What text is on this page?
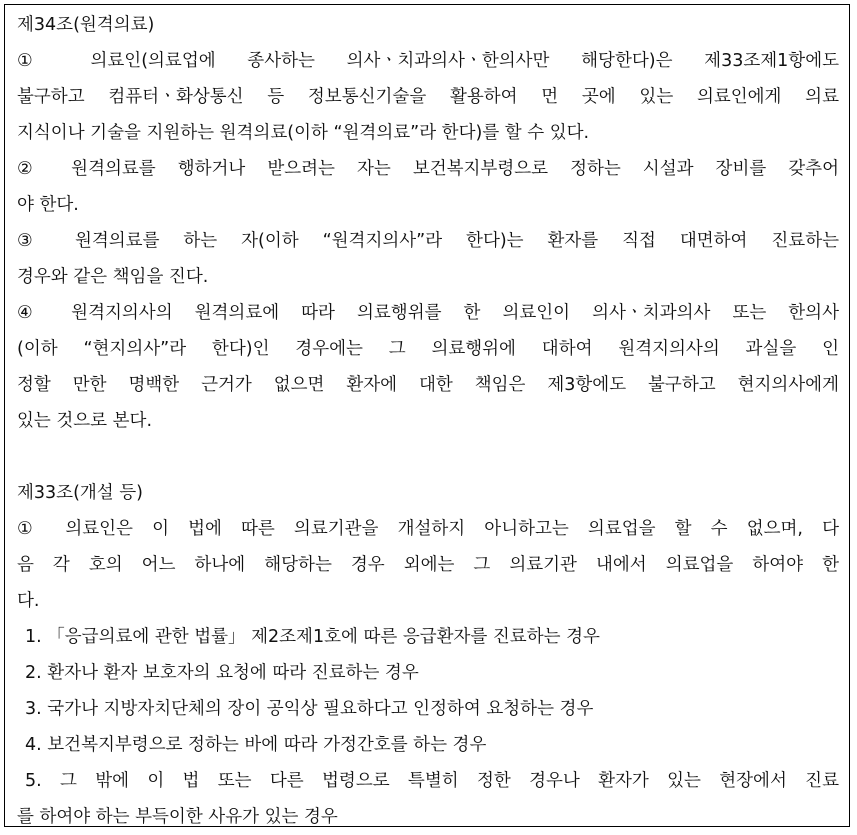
제34조(원격의료)
① 의료인(의료업에 종사하는 의사ㆍ치과의사ㆍ한의사만 해당한다)은 제33조제1항에도
불구하고 컴퓨터ㆍ화상통신 등 정보통신기술을 활용하여 먼 곳에 있는 의료인에게 의료
지식이나 기술을 지원하는 원격의료(이하 “원격의료”라 한다)를 할 수 있다.
② 원격의료를 행하거나 받으려는 자는 보건복지부령으로 정하는 시설과 장비를 갖추어
야 한다.
③ 원격의료를 하는 자(이하 “원격지의사”라 한다)는 환자를 직접 대면하여 진료하는
경우와 같은 책임을 진다.
④ 원격지의사의 원격의료에 따라 의료행위를 한 의료인이 의사ㆍ치과의사 또는 한의사
(이하 “현지의사”라 한다)인 경우에는 그 의료행위에 대하여 원격지의사의 과실을 인
정할 만한 명백한 근거가 없으면 환자에 대한 책임은 제3항에도 불구하고 현지의사에게
있는 것으로 본다.
제33조(개설 등)
① 의료인은 이 법에 따른 의료기관을 개설하지 아니하고는 의료업을 할 수 없으며, 다
음 각 호의 어느 하나에 해당하는 경우 외에는 그 의료기관 내에서 의료업을 하여야 한
다.
1. 「응급의료에 관한 법률」 제2조제1호에 따른 응급환자를 진료하는 경우
2. 환자나 환자 보호자의 요청에 따라 진료하는 경우
3. 국가나 지방자치단체의 장이 공익상 필요하다고 인정하여 요청하는 경우
4. 보건복지부령으로 정하는 바에 따라 가정간호를 하는 경우
5. 그 밖에 이 법 또는 다른 법령으로 특별히 정한 경우나 환자가 있는 현장에서 진료
를 하여야 하는 부득이한 사유가 있는 경우
